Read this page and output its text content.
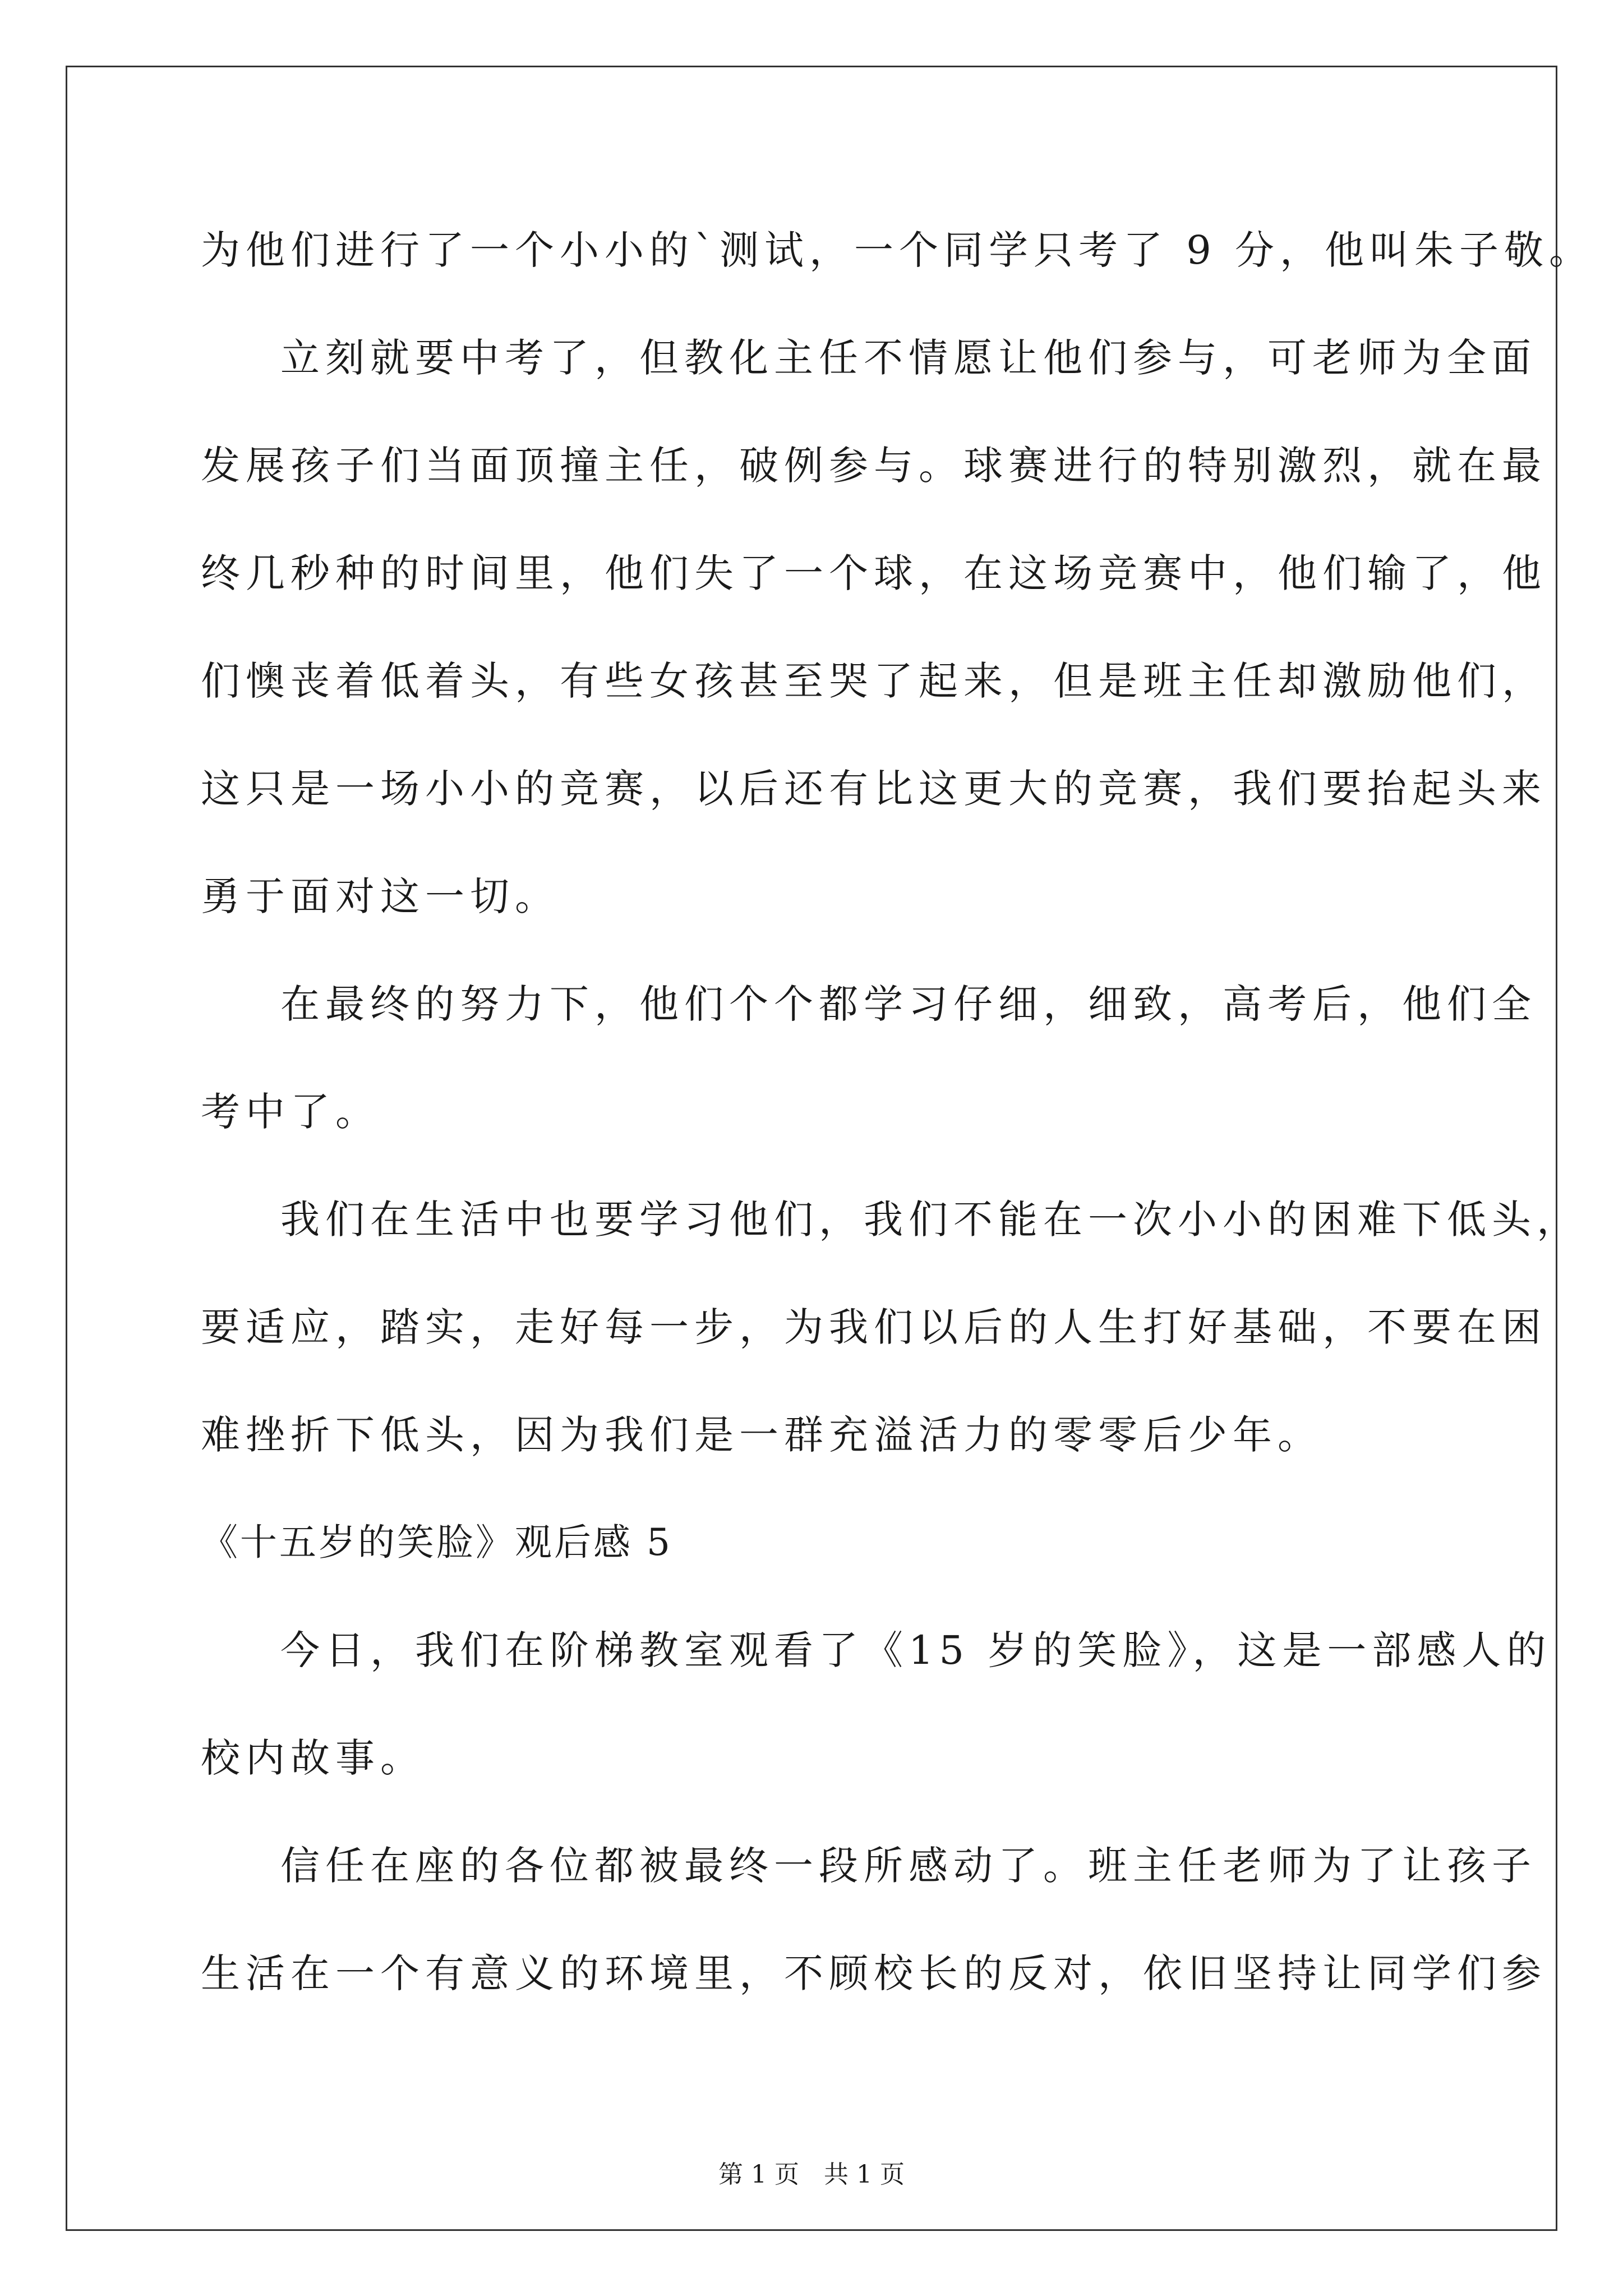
为他们进行了一个小小的`测试，一个同学只考了 9 分，他叫朱子敬。
立刻就要中考了，但教化主任不情愿让他们参与，可老师为全面
发展孩子们当面顶撞主任，破例参与。球赛进行的特别激烈，就在最
终几秒种的时间里，他们失了一个球，在这场竞赛中，他们输了，他
们懊丧着低着头，有些女孩甚至哭了起来，但是班主任却激励他们，
这只是一场小小的竞赛，以后还有比这更大的竞赛，我们要抬起头来
勇于面对这一切。
在最终的努力下，他们个个都学习仔细，细致，高考后，他们全
考中了。
我们在生活中也要学习他们，我们不能在一次小小的困难下低头，
要适应，踏实，走好每一步，为我们以后的人生打好基础，不要在困
难挫折下低头，因为我们是一群充溢活力的零零后少年。
《十五岁的笑脸》观后感 5
今日，我们在阶梯教室观看了《15 岁的笑脸》，这是一部感人的
校内故事。
信任在座的各位都被最终一段所感动了。班主任老师为了让孩子
生活在一个有意义的环境里，不顾校长的反对，依旧坚持让同学们参
第 1 页　共 1 页
